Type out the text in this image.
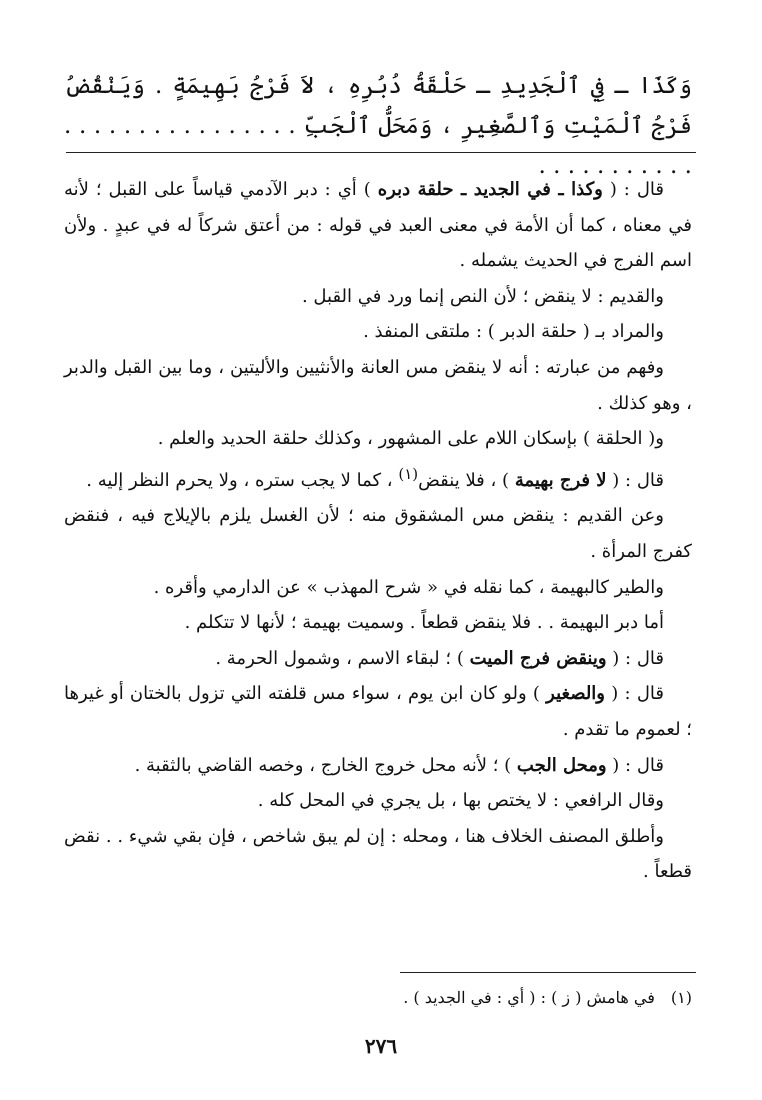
وَكَذَا ـ فِي ٱلْجَدِيدِ ـ حَلْقَةُ دُبُرِهِ ، لاَ فَرْجُ بَهِيمَةٍ . وَيَنْقُضُ فَرْجُ ٱلْمَيْتِ وَٱلصَّغِيرِ ، وَمَحَلُّ ٱلْجَبِّ . . . . . . . . . . . . . . . . . . . . . . . . . . .

قال : ( وكذا ـ في الجديد ـ حلقة دبره ) أي : دبر الآدمي قياساً على القبل ؛ لأنه في معناه ، كما أن الأمة في معنى العبد في قوله : من أعتق شركاً له في عبدٍ . ولأن اسم الفرج في الحديث يشمله .

والقديم : لا ينقض ؛ لأن النص إنما ورد في القبل .

والمراد بـ ( حلقة الدبر ) : ملتقى المنفذ .

وفهم من عبارته : أنه لا ينقض مس العانة والأنثيين والأليتين ، وما بين القبل والدبر ، وهو كذلك .

و( الحلقة ) بإسكان اللام على المشهور ، وكذلك حلقة الحديد والعلم .

قال : ( لا فرج بهيمة ) ، فلا ينقض$^{(١)}$ ، كما لا يجب ستره ، ولا يحرم النظر إليه .

وعن القديم : ينقض مس المشقوق منه ؛ لأن الغسل يلزم بالإيلاج فيه ، فنقض كفرج المرأة .

والطير كالبهيمة ، كما نقله في « شرح المهذب » عن الدارمي وأقره .

أما دبر البهيمة . . فلا ينقض قطعاً . وسميت بهيمة ؛ لأنها لا تتكلم .

قال : ( وينقض فرج الميت ) ؛ لبقاء الاسم ، وشمول الحرمة .

قال : ( والصغير ) ولو كان ابن يوم ، سواء مس قلفته التي تزول بالختان أو غيرها ؛ لعموم ما تقدم .

قال : ( ومحل الجب ) ؛ لأنه محل خروج الخارج ، وخصه القاضي بالثقبة .

وقال الرافعي : لا يختص بها ، بل يجري في المحل كله .

وأطلق المصنف الخلاف هنا ، ومحله : إن لم يبق شاخص ، فإن بقي شيء . . نقض قطعاً .

(١)في هامش ( ز ) : ( أي : في الجديد ) .
٢٧٦
